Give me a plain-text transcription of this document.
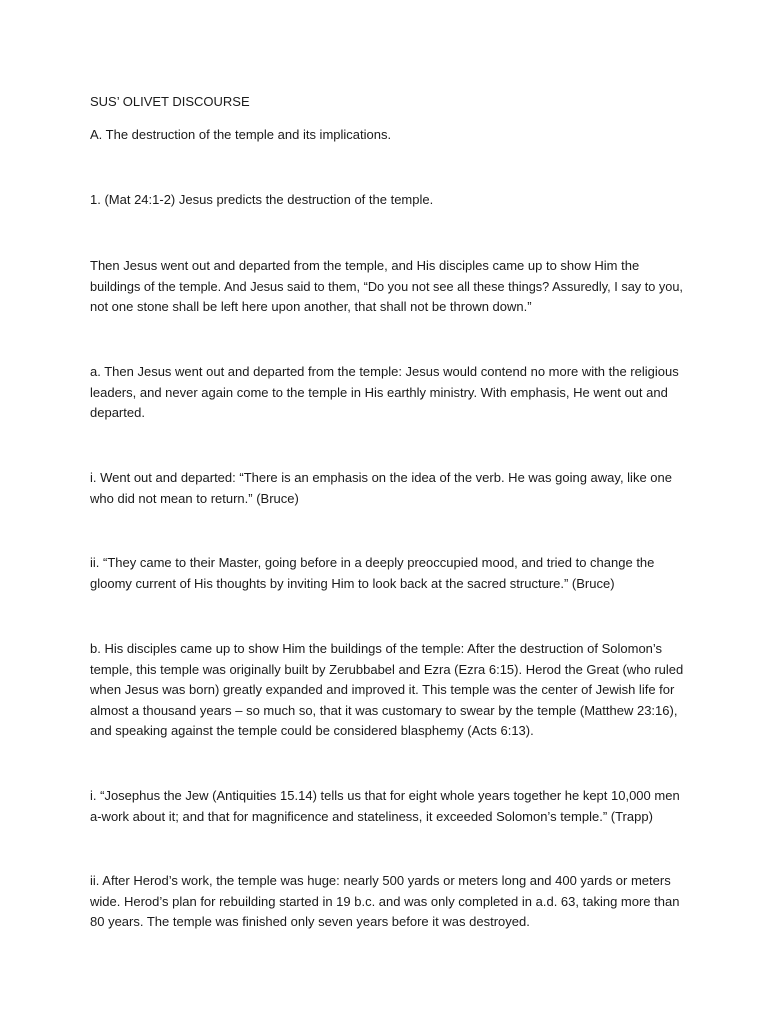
SUS’ OLIVET DISCOURSE

A. The destruction of the temple and its implications.

1. (Mat 24:1-2) Jesus predicts the destruction of the temple.

Then Jesus went out and departed from the temple, and His disciples came up to show Him the
buildings of the temple. And Jesus said to them, “Do you not see all these things? Assuredly, I say to you,
not one stone shall be left here upon another, that shall not be thrown down.”

a. Then Jesus went out and departed from the temple: Jesus would contend no more with the religious
leaders, and never again come to the temple in His earthly ministry. With emphasis, He went out and
departed.

i. Went out and departed: “There is an emphasis on the idea of the verb. He was going away, like one
who did not mean to return.” (Bruce)

ii. “They came to their Master, going before in a deeply preoccupied mood, and tried to change the
gloomy current of His thoughts by inviting Him to look back at the sacred structure.” (Bruce)

b. His disciples came up to show Him the buildings of the temple: After the destruction of Solomon’s
temple, this temple was originally built by Zerubbabel and Ezra (Ezra 6:15). Herod the Great (who ruled
when Jesus was born) greatly expanded and improved it. This temple was the center of Jewish life for
almost a thousand years – so much so, that it was customary to swear by the temple (Matthew 23:16),
and speaking against the temple could be considered blasphemy (Acts 6:13).

i. “Josephus the Jew (Antiquities 15.14) tells us that for eight whole years together he kept 10,000 men
a-work about it; and that for magnificence and stateliness, it exceeded Solomon’s temple.” (Trapp)

ii. After Herod’s work, the temple was huge: nearly 500 yards or meters long and 400 yards or meters
wide. Herod’s plan for rebuilding started in 19 b.c. and was only completed in a.d. 63, taking more than
80 years. The temple was finished only seven years before it was destroyed.
